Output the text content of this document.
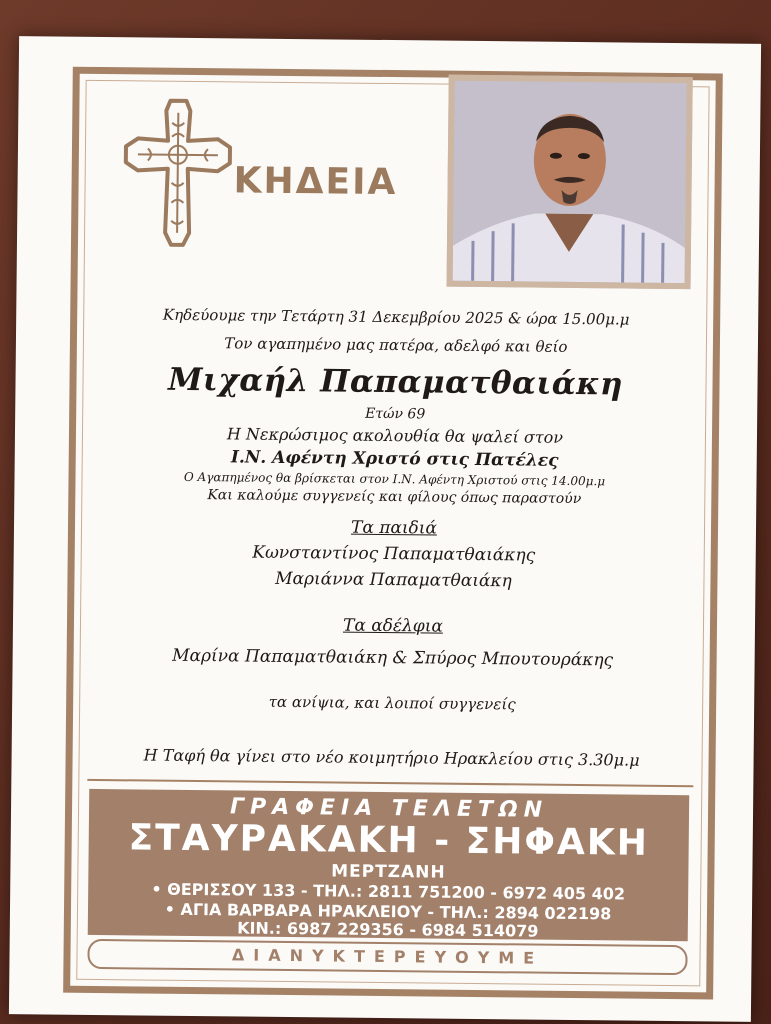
ΚΗΔΕΙΑ
Κηδεύουμε την Τετάρτη 31 Δεκεμβρίου 2025 & ώρα 15.00μ.μ
Τον αγαπημένο μας πατέρα, αδελφό και θείο
Μιχαήλ Παπαματθαιάκη
Ετών 69
Η Νεκρώσιμος ακολουθία θα ψαλεί στον
Ι.Ν. Αφέντη Χριστό στις Πατέλες
Ο Αγαπημένος θα βρίσκεται στον Ι.Ν. Αφέντη Χριστού στις 14.00μ.μ
Και καλούμε συγγενείς και φίλους όπως παραστούν
Τα παιδιά
Κωνσταντίνος Παπαματθαιάκης
Μαριάννα Παπαματθαιάκη
Τα αδέλφια
Μαρίνα Παπαματθαιάκη & Σπύρος Μπουτουράκης
τα ανίψια, και λοιποί συγγενείς
Η Ταφή θα γίνει στο νέο κοιμητήριο Ηρακλείου στις 3.30μ.μ
ΓΡΑΦΕΙΑ ΤΕΛΕΤΩΝ
ΣΤΑΥΡΑΚΑΚΗ - ΣΗΦΑΚΗ
ΜΕΡΤΖΑΝΗ
• ΘΕΡΙΣΣΟΥ 133 - ΤΗΛ.: 2811 751200 - 6972 405 402
• ΑΓΙΑ ΒΑΡΒΑΡΑ ΗΡΑΚΛΕΙΟΥ - ΤΗΛ.: 2894 022198
ΚΙΝ.: 6987 229356 - 6984 514079
ΔΙΑΝΥΚΤΕΡΕΥΟΥΜΕ
